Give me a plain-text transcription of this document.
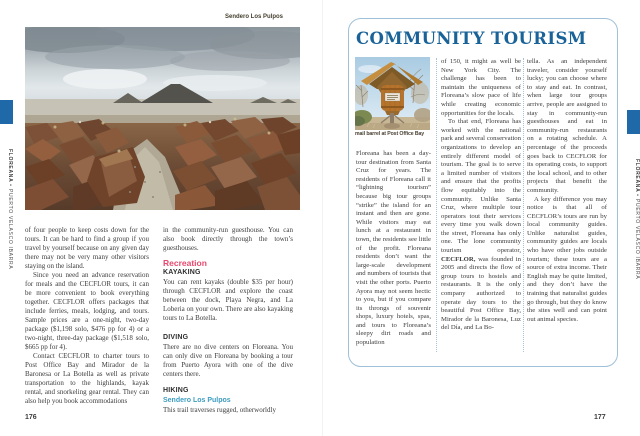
FLOREANA
•
PUERTO VELASCO IBARRA
FLOREANA
•
PUERTO VELASCO IBARRA
Sendero Los Pulpos

of four people to keep costs down for the tours. It can be hard to find a group if you travel by yourself because on any given day there may not be very many other visitors staying on the island.

Since you need an advance reservation for meals and the CECFLOR tours, it can be more convenient to book everything together. CECFLOR offers packages that include ferries, meals, lodging, and tours. Sample prices are a one-night, two-day package ($1,198 solo, $476 pp for 4) or a two-night, three-day package ($1,518 solo, $665 pp for 4).

Contact CECFLOR to charter tours to Post Office Bay and Mirador de la Baronesa or La Botella as well as private transportation to the highlands, kayak rental, and snorkeling gear rental. They can also help you book accommodations

in the community-run guesthouse. You can also book directly through the town’s guesthouses.
Recreation
KAYAKING
You can rent kayaks (double $35 per hour) through CECFLOR and explore the coast between the dock, Playa Negra, and La Loberia on your own. There are also kayaking tours to La Botella.
DIVING
There are no dive centers on Floreana. You can only dive on Floreana by booking a tour from Puerto Ayora with one of the dive centers there.
HIKING
Sendero Los Pulpos
This trail traverses rugged, otherworldly
176
COMMUNITY TOURISM
mail barrel at Post Office Bay
Floreana has been a day-tour destination from Santa Cruz for years. The residents of Floreana call it “lightning tourism” because big tour groups “strike” the island for an instant and then are gone. While visitors may eat lunch at a restaurant in town, the residents see little of the profit. Floreana residents don’t want the large-scale development and numbers of tourists that visit the other ports. Puerto Ayora may not seem hectic to you, but if you compare its throngs of souvenir shops, luxury hotels, spas, and tours to Floreana’s sleepy dirt roads and population

of 150, it might as well be New York City. The challenge has been to maintain the uniqueness of Floreana’s slow pace of life while creating economic opportunities for the locals.

To that end, Floreana has worked with the national park and several conservation organizations to develop an entirely different model of tourism. The goal is to serve a limited number of visitors and ensure that the profits flow equitably into the community. Unlike Santa Cruz, where multiple tour operators tout their services every time you walk down the street, Floreana has only one. The lone community tourism operator, CECFLOR, was founded in 2005 and directs the flow of group tours to hostels and restaurants. It is the only company authorized to operate day tours to the beautiful Post Office Bay, Mirador de la Baronesa, Luz del Día, and La Bo-

tella. As an independent traveler, consider yourself lucky; you can choose where to stay and eat. In contrast, when large tour groups arrive, people are assigned to stay in community-run guesthouses and eat in community-run restaurants on a rotating schedule. A percentage of the proceeds goes back to CECFLOR for its operating costs, to support the local school, and to other projects that benefit the community.

A key difference you may notice is that all of CECFLOR’s tours are run by local community guides. Unlike naturalist guides, community guides are locals who have other jobs outside tourism; these tours are a source of extra income. Their English may be quite limited, and they don’t have the training that naturalist guides go through, but they do know the sites well and can point out animal species.

177
